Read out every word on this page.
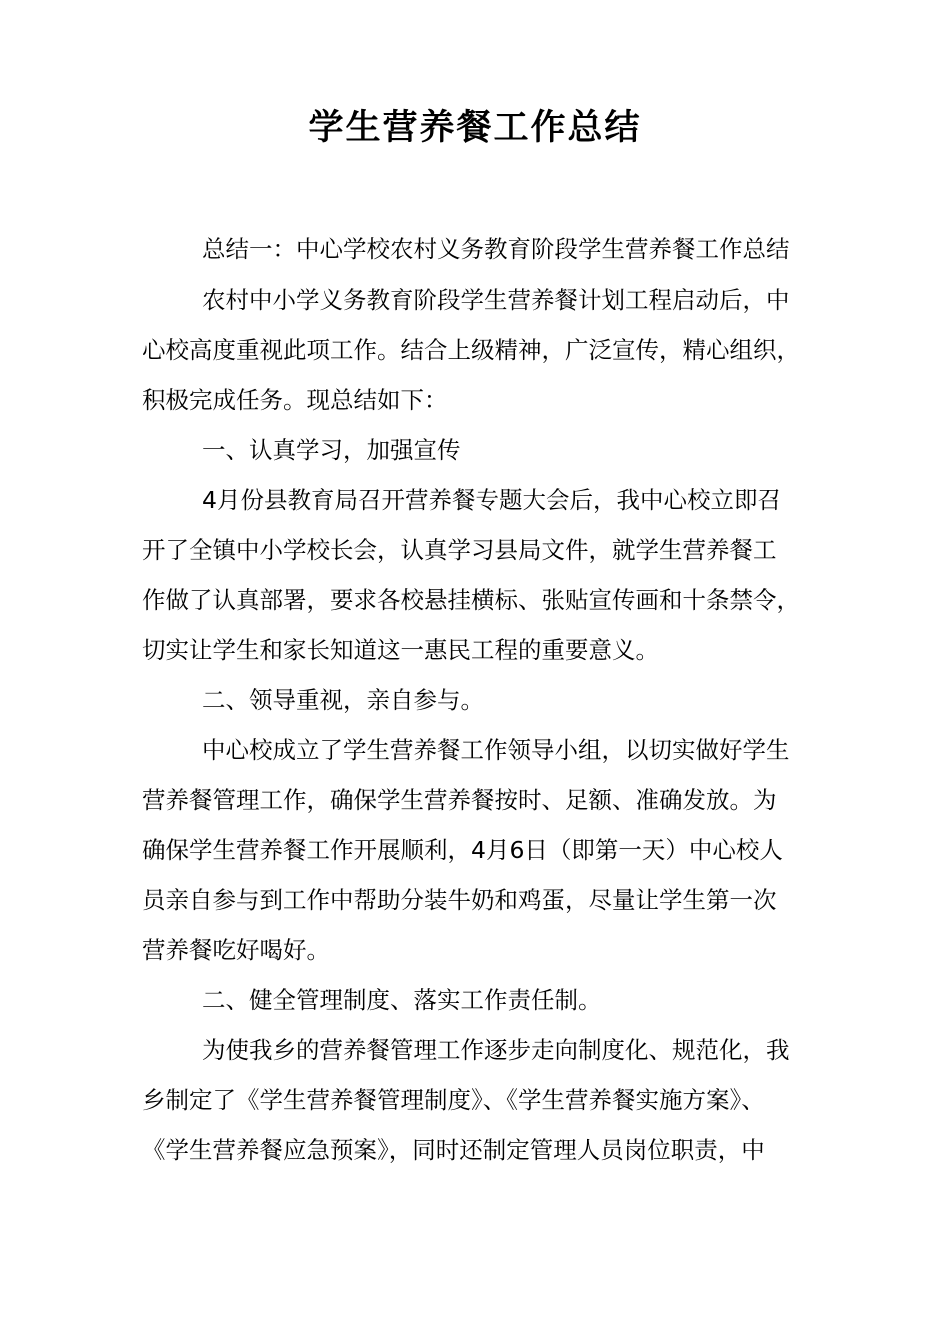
学生营养餐工作总结

总结一：中心学校农村义务教育阶段学生营养餐工作总结

农村中小学义务教育阶段学生营养餐计划工程启动后，中

心校高度重视此项工作。结合上级精神，广泛宣传，精心组织，

积极完成任务。现总结如下：

一、认真学习，加强宣传

4月份县教育局召开营养餐专题大会后，我中心校立即召

开了全镇中小学校长会，认真学习县局文件，就学生营养餐工

作做了认真部署，要求各校悬挂横标、张贴宣传画和十条禁令，

切实让学生和家长知道这一惠民工程的重要意义。

二、领导重视，亲自参与。

中心校成立了学生营养餐工作领导小组，以切实做好学生

营养餐管理工作，确保学生营养餐按时、足额、准确发放。为

确保学生营养餐工作开展顺利，4月6日（即第一天）中心校人

员亲自参与到工作中帮助分装牛奶和鸡蛋，尽量让学生第一次

营养餐吃好喝好。

二、健全管理制度、落实工作责任制。

为使我乡的营养餐管理工作逐步走向制度化、规范化，我

乡制定了《学生营养餐管理制度》、《学生营养餐实施方案》、

《学生营养餐应急预案》，同时还制定管理人员岗位职责，中
